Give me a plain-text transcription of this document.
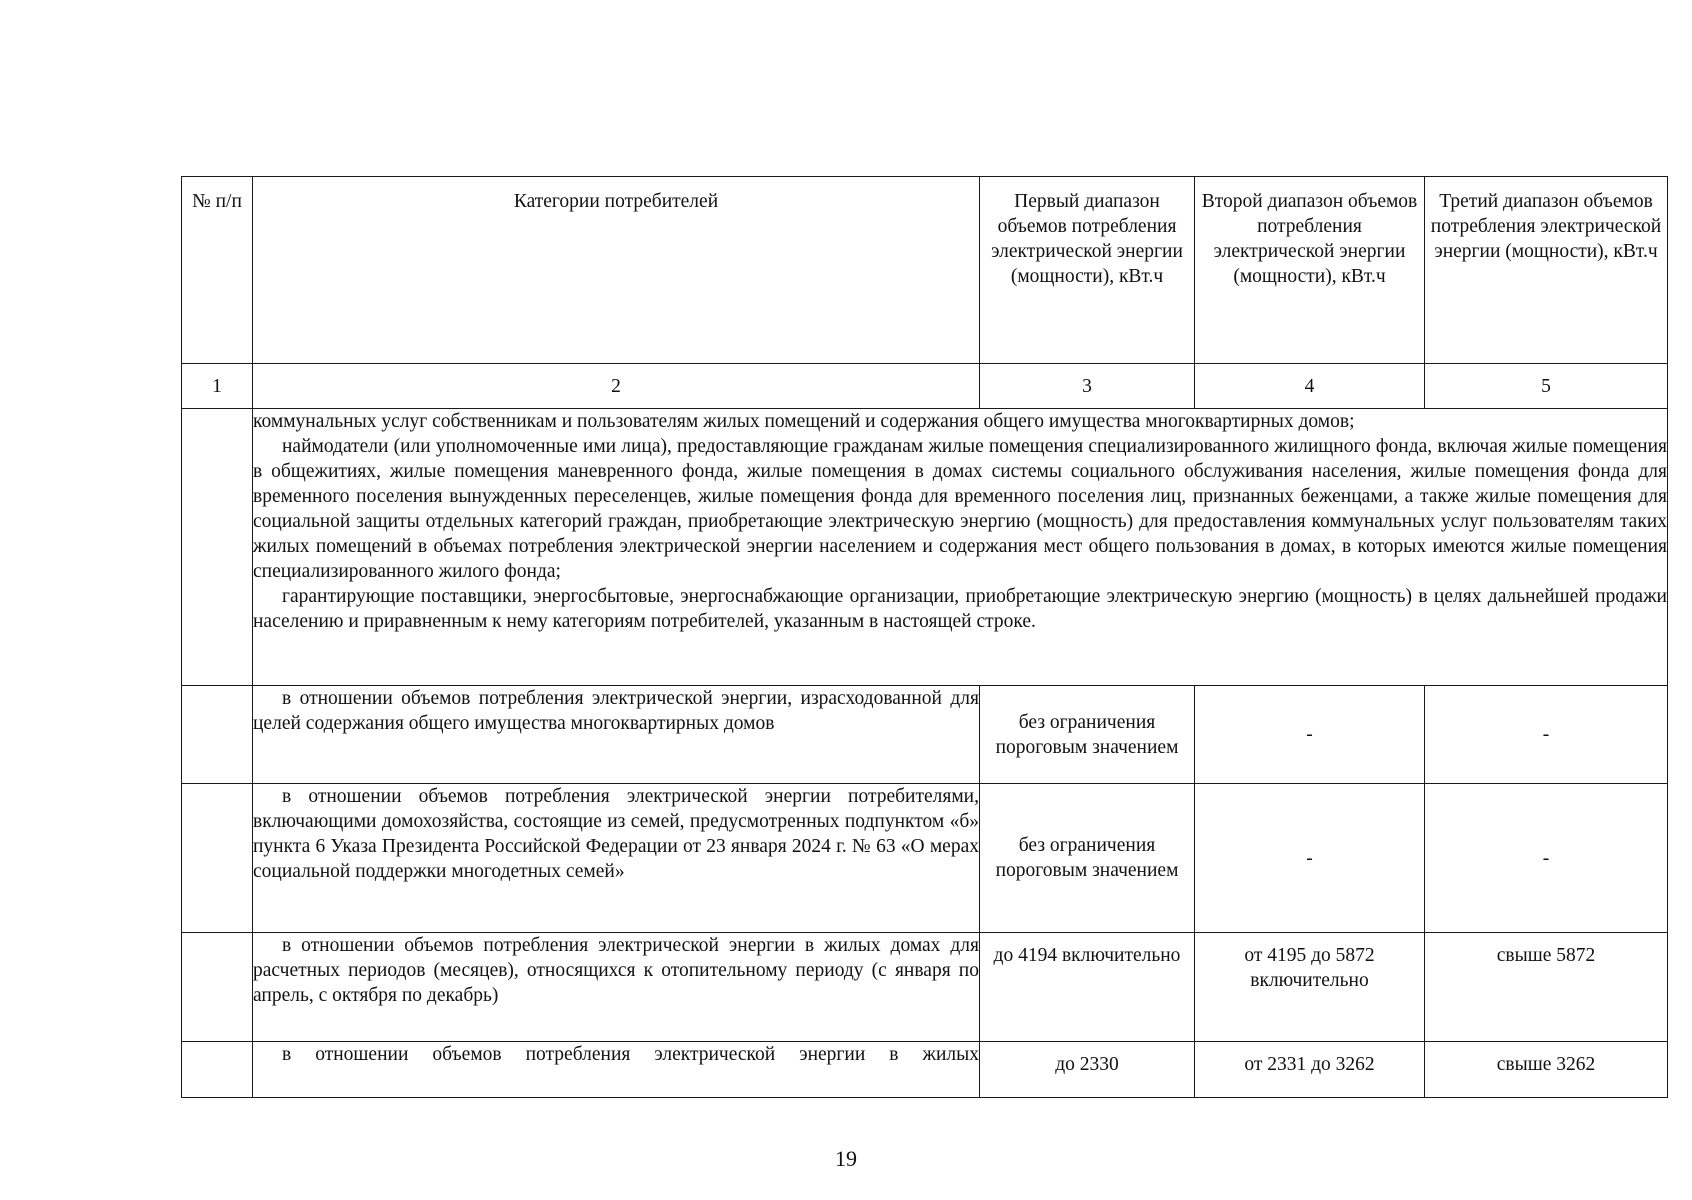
№ п/п	Категории потребителей	Первый диапазон объемов потребления электрической энергии (мощности), кВт.ч	Второй диапазон объемов потребления электрической энергии (мощности), кВт.ч	Третий диапазон объемов потребления электрической энергии (мощности), кВт.ч
1	2	3	4	5

	коммунальных услуг собственникам и пользователям жилых помещений и содержания общего имущества многоквартирных домов;

наймодатели (или уполномоченные ими лица), предоставляющие гражданам жилые помещения специализированного жилищного фонда, включая жилые помещения в общежитиях, жилые помещения маневренного фонда, жилые помещения в домах системы социального обслуживания населения, жилые помещения фонда для временного поселения вынужденных переселенцев, жилые помещения фонда для временного поселения лиц, признанных беженцами, а также жилые помещения для социальной защиты отдельных категорий граждан, приобретающие электрическую энергию (мощность) для предоставления коммунальных услуг пользователям таких жилых помещений в объемах потребления электрической энергии населением и содержания мест общего пользования в домах, в которых имеются жилые помещения специализированного жилого фонда;

гарантирующие поставщики, энергосбытовые, энергоснабжающие организации, приобретающие электрическую энергию (мощность) в целях дальнейшей продажи населению и приравненным к нему категориям потребителей, указанным в настоящей строке.			

	в отношении объемов потребления электрической энергии, израсходованной для целей содержания общего имущества многоквартирных домов	без ограничения пороговым значением	-	-

	в отношении объемов потребления электрической энергии потребителями, включающими домохозяйства, состоящие из семей, предусмотренных подпунктом «б» пункта 6 Указа Президента Российской Федерации от 23 января 2024 г. № 63 «О мерах социальной поддержки многодетных семей»	без ограничения пороговым значением	-	-

	в отношении объемов потребления электрической энергии в жилых домах для расчетных периодов (месяцев), относящихся к отопительному периоду (с января по апрель, с октября по декабрь)	до 4194 включительно	от 4195 до 5872 включительно	свыше 5872

	в отношении объемов потребления электрической энергии в жилых	до 2330	от 2331 до 3262	свыше 3262
19
